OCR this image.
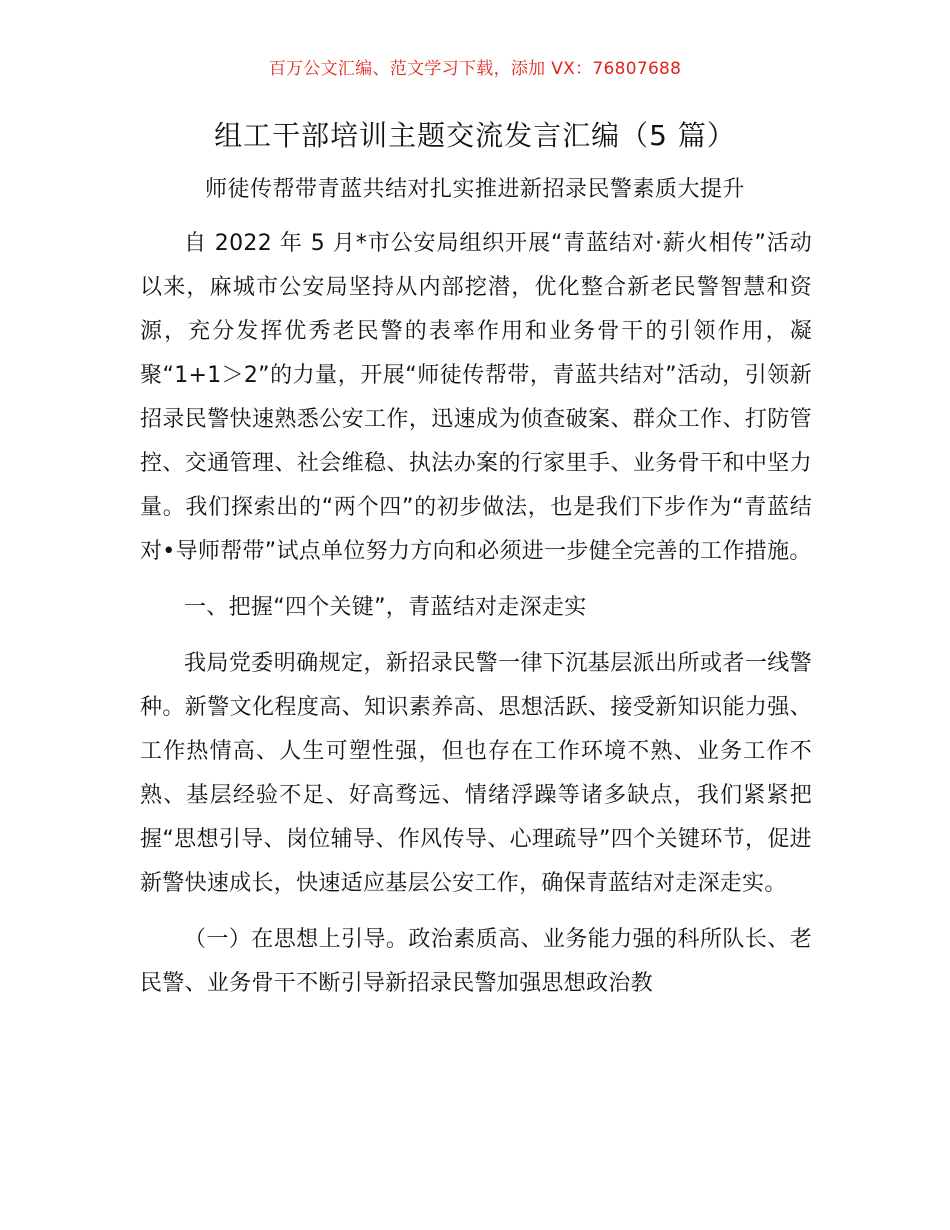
百万公文汇编、范文学习下载，添加 VX：76807688
组工干部培训主题交流发言汇编（5 篇）
师徒传帮带青蓝共结对扎实推进新招录民警素质大提升

自 2022 年 5 月*市公安局组织开展“青蓝结对·薪火相传”活动以来，麻城市公安局坚持从内部挖潜，优化整合新老民警智慧和资源，充分发挥优秀老民警的表率作用和业务骨干的引领作用，凝聚“1+1＞2”的力量，开展“师徒传帮带，青蓝共结对”活动，引领新招录民警快速熟悉公安工作，迅速成为侦查破案、群众工作、打防管控、交通管理、社会维稳、执法办案的行家里手、业务骨干和中坚力量。我们探索出的“两个四”的初步做法，也是我们下步作为“青蓝结对•导师帮带”试点单位努力方向和必须进一步健全完善的工作措施。

一、把握“四个关键”，青蓝结对走深走实

我局党委明确规定，新招录民警一律下沉基层派出所或者一线警种。新警文化程度高、知识素养高、思想活跃、接受新知识能力强、工作热情高、人生可塑性强，但也存在工作环境不熟、业务工作不熟、基层经验不足、好高骛远、情绪浮躁等诸多缺点，我们紧紧把握“思想引导、岗位辅导、作风传导、心理疏导”四个关键环节，促进新警快速成长，快速适应基层公安工作，确保青蓝结对走深走实。

（一）在思想上引导。政治素质高、业务能力强的科所队长、老民警、业务骨干不断引导新招录民警加强思想政治教
